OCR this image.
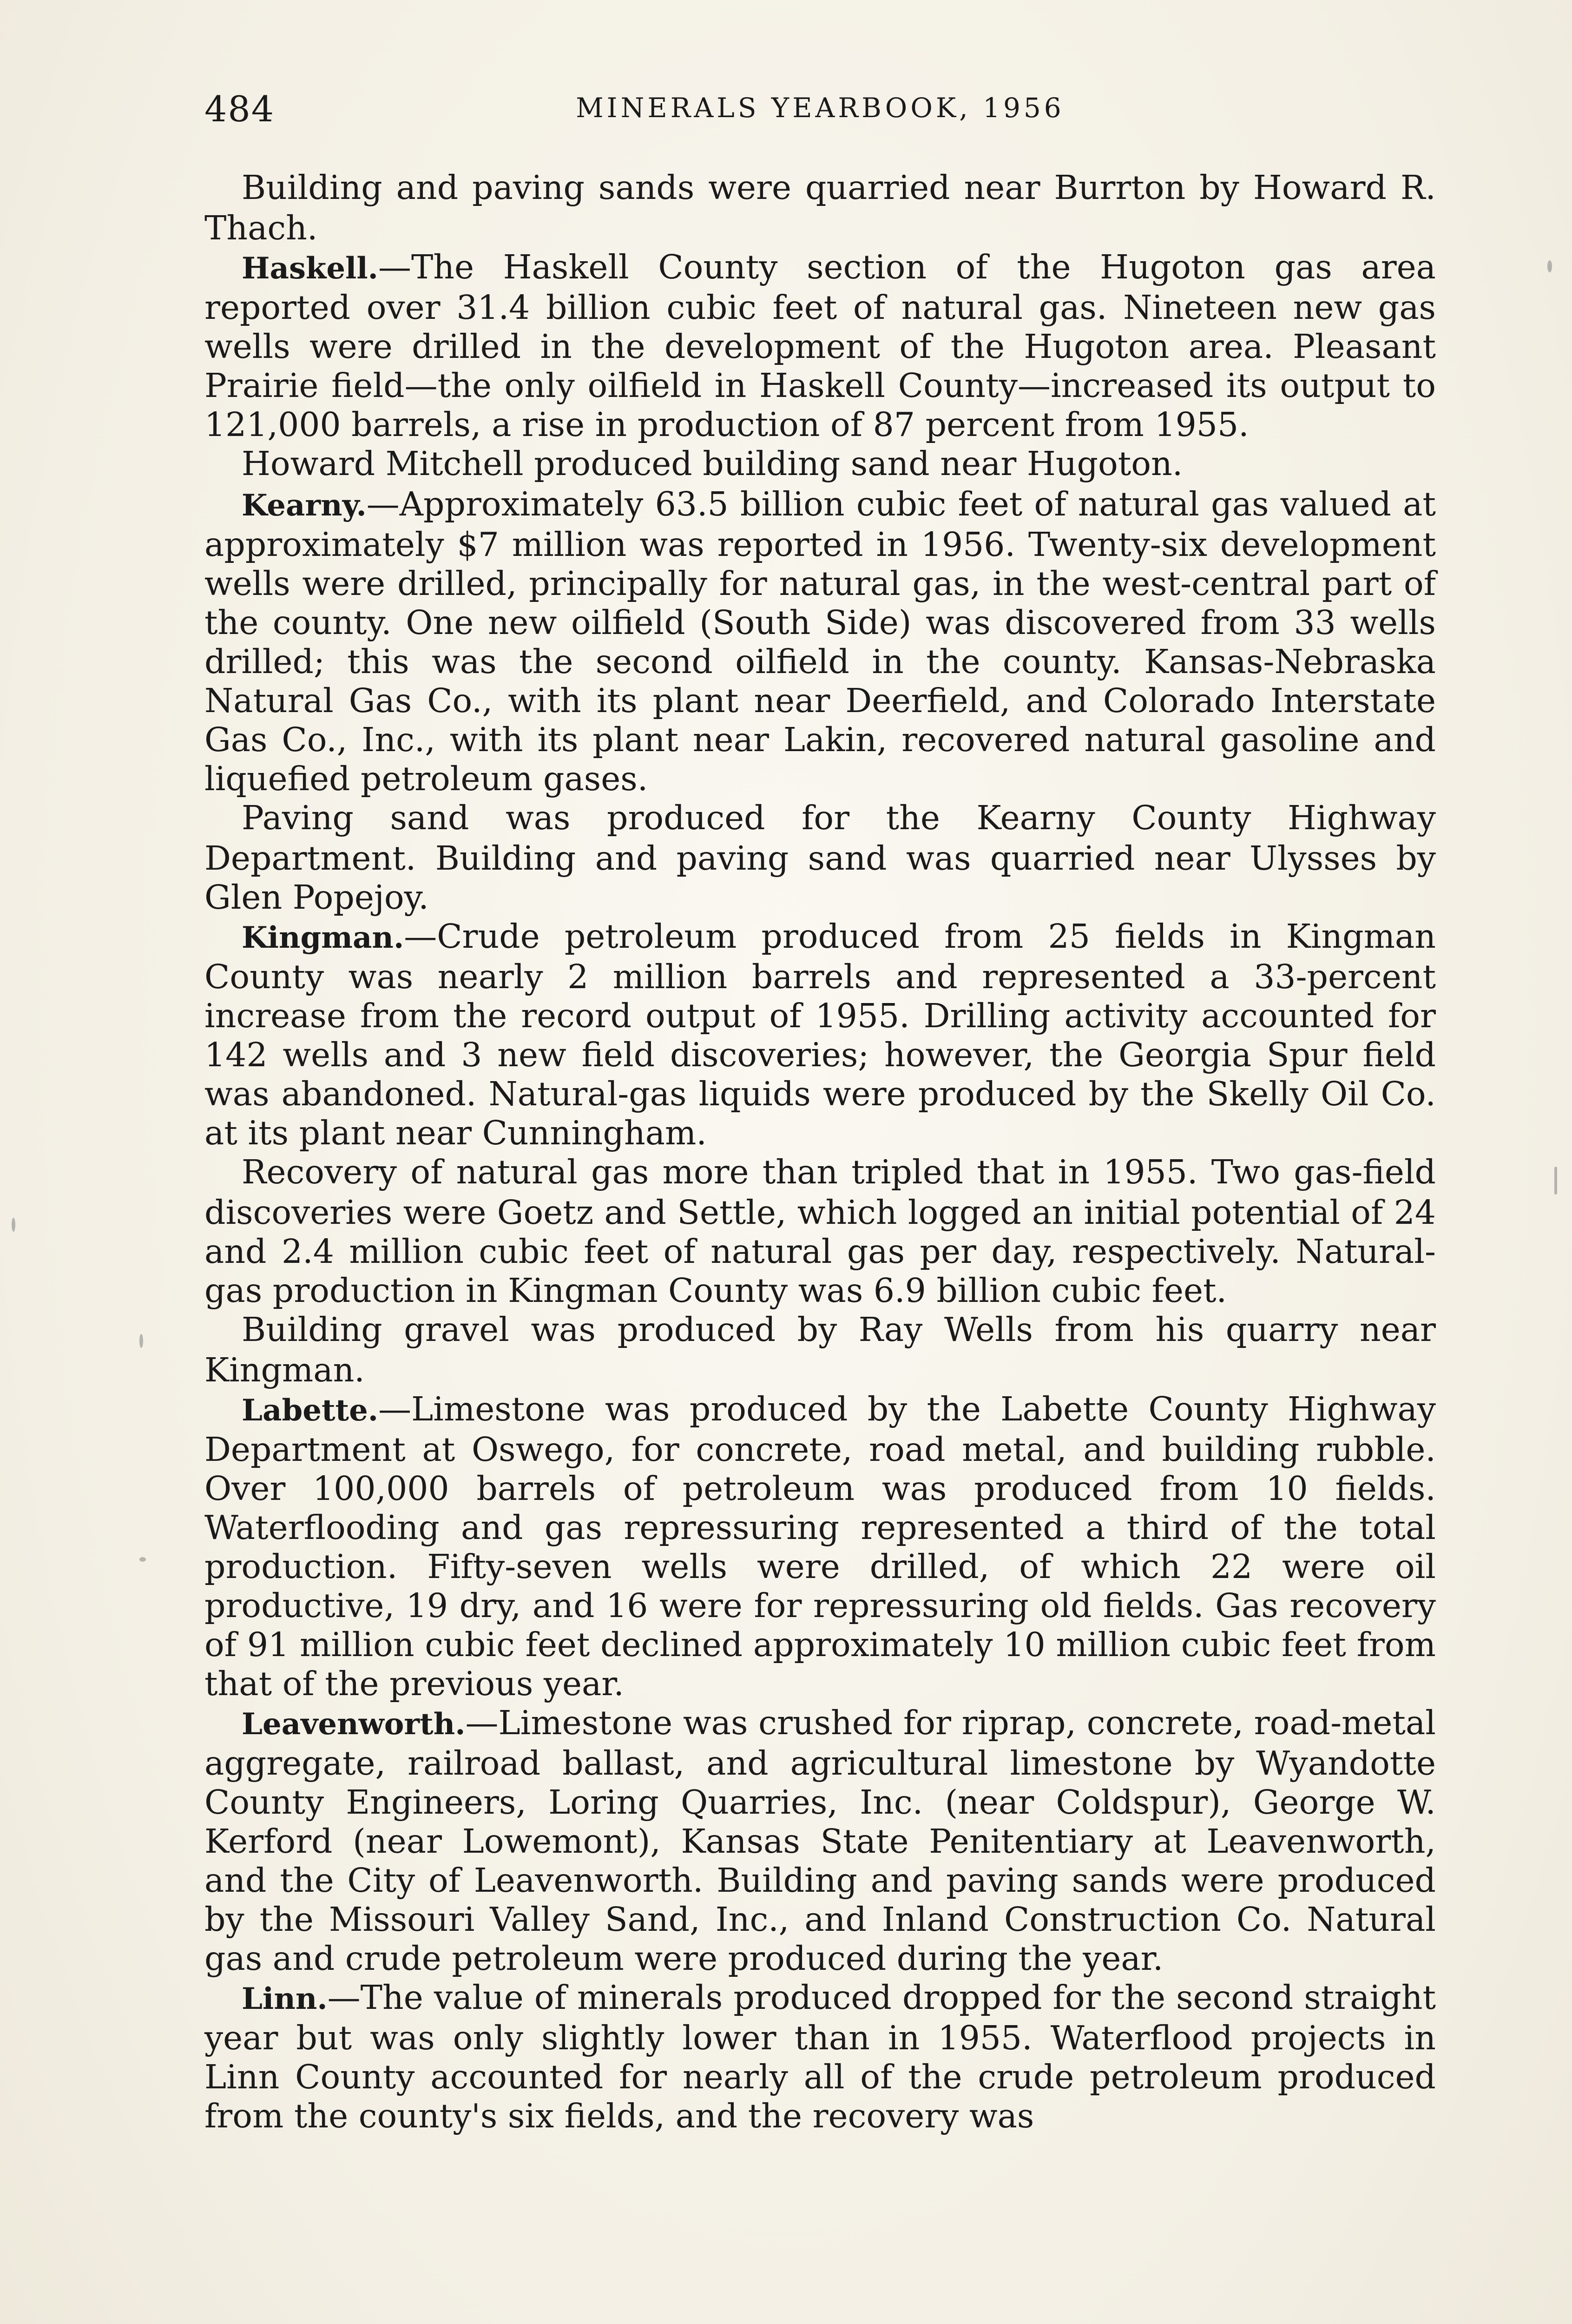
484	MINERALS YEARBOOK, 1956

Building and paving sands were quarried near Burrton by Howard R. Thach.

Haskell.—The Haskell County section of the Hugoton gas area reported over 31.4 billion cubic feet of natural gas. Nineteen new gas wells were drilled in the development of the Hugoton area. Pleasant Prairie field—the only oilfield in Haskell County—increased its output to 121,000 barrels, a rise in production of 87 percent from 1955.

Howard Mitchell produced building sand near Hugoton.

Kearny.—Approximately 63.5 billion cubic feet of natural gas valued at approximately $7 million was reported in 1956. Twenty-six development wells were drilled, principally for natural gas, in the west-central part of the county. One new oilfield (South Side) was discovered from 33 wells drilled; this was the second oilfield in the county. Kansas-Nebraska Natural Gas Co., with its plant near Deerfield, and Colorado Interstate Gas Co., Inc., with its plant near Lakin, recovered natural gasoline and liquefied petroleum gases.

Paving sand was produced for the Kearny County Highway Department. Building and paving sand was quarried near Ulysses by Glen Popejoy.

Kingman.—Crude petroleum produced from 25 fields in Kingman County was nearly 2 million barrels and represented a 33-percent increase from the record output of 1955. Drilling activity accounted for 142 wells and 3 new field discoveries; however, the Georgia Spur field was abandoned. Natural-gas liquids were produced by the Skelly Oil Co. at its plant near Cunningham.

Recovery of natural gas more than tripled that in 1955. Two gas-field discoveries were Goetz and Settle, which logged an initial potential of 24 and 2.4 million cubic feet of natural gas per day, respectively. Natural-gas production in Kingman County was 6.9 billion cubic feet.

Building gravel was produced by Ray Wells from his quarry near Kingman.

Labette.—Limestone was produced by the Labette County Highway Department at Oswego, for concrete, road metal, and building rubble. Over 100,000 barrels of petroleum was produced from 10 fields. Waterflooding and gas repressuring represented a third of the total production. Fifty-seven wells were drilled, of which 22 were oil productive, 19 dry, and 16 were for repressuring old fields. Gas recovery of 91 million cubic feet declined approximately 10 million cubic feet from that of the previous year.

Leavenworth.—Limestone was crushed for riprap, concrete, road-metal aggregate, railroad ballast, and agricultural limestone by Wyandotte County Engineers, Loring Quarries, Inc. (near Coldspur), George W. Kerford (near Lowemont), Kansas State Penitentiary at Leavenworth, and the City of Leavenworth. Building and paving sands were produced by the Missouri Valley Sand, Inc., and Inland Construction Co. Natural gas and crude petroleum were produced during the year.

Linn.—The value of minerals produced dropped for the second straight year but was only slightly lower than in 1955. Waterflood projects in Linn County accounted for nearly all of the crude petroleum produced from the county's six fields, and the recovery was
